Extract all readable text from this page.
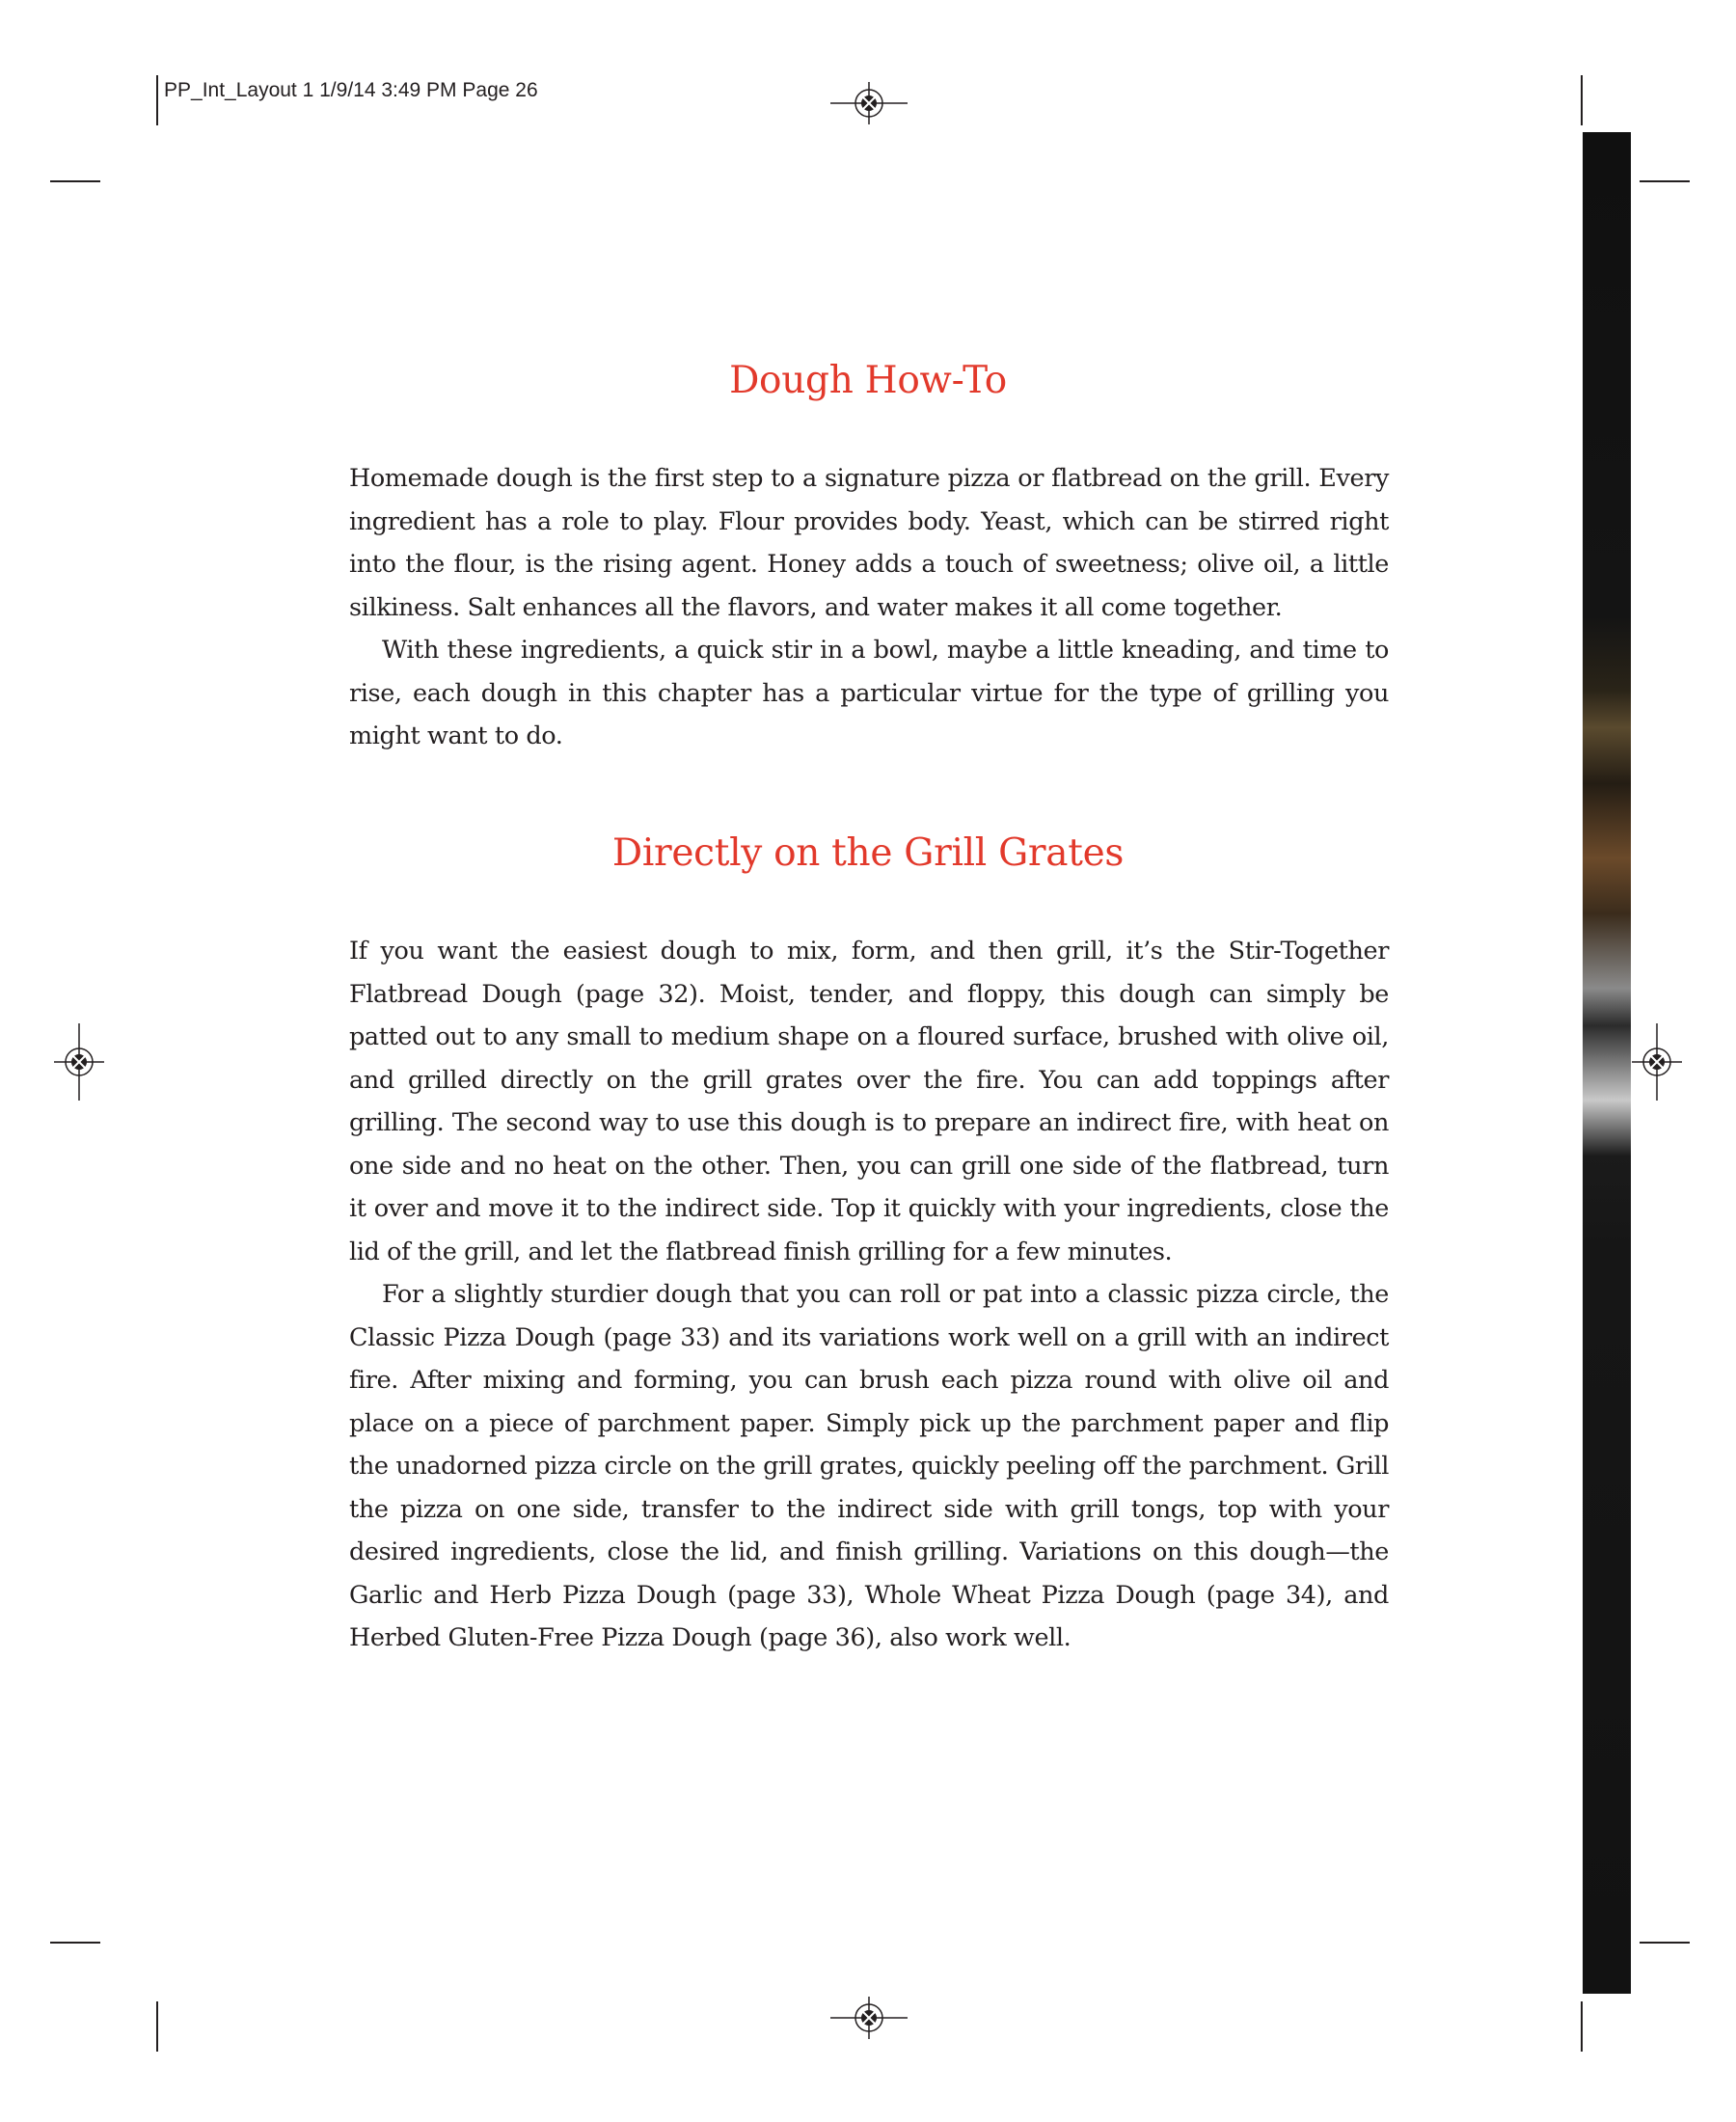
PP_Int_Layout 1 1/9/14 3:49 PM Page 26
Dough How-To

Homemade dough is the first step to a signature pizza or flatbread on the grill. Every ingredient has a role to play. Flour provides body. Yeast, which can be stirred right into the flour, is the rising agent. Honey adds a touch of sweetness; olive oil, a little silkiness. Salt enhances all the flavors, and water makes it all come together.

With these ingredients, a quick stir in a bowl, maybe a little kneading, and time to rise, each dough in this chapter has a particular virtue for the type of grilling you might want to do.

Directly on the Grill Grates

If you want the easiest dough to mix, form, and then grill, it’s the Stir-Together Flatbread Dough (page 32). Moist, tender, and floppy, this dough can simply be patted out to any small to medium shape on a floured surface, brushed with olive oil, and grilled directly on the grill grates over the fire. You can add toppings after grilling. The second way to use this dough is to prepare an indirect fire, with heat on one side and no heat on the other. Then, you can grill one side of the flatbread, turn it over and move it to the indirect side. Top it quickly with your ingredients, close the lid of the grill, and let the flatbread finish grilling for a few minutes.

For a slightly sturdier dough that you can roll or pat into a classic pizza circle, the Classic Pizza Dough (page 33) and its variations work well on a grill with an indirect fire. After mixing and forming, you can brush each pizza round with olive oil and place on a piece of parchment paper. Simply pick up the parchment paper and flip the unadorned pizza circle on the grill grates, quickly peeling off the parchment. Grill the pizza on one side, transfer to the indirect side with grill tongs, top with your desired ingredients, close the lid, and finish grilling. Variations on this dough—the Garlic and Herb Pizza Dough (page 33), Whole Wheat Pizza Dough (page 34), and Herbed Gluten-Free Pizza Dough (page 36), also work well.
